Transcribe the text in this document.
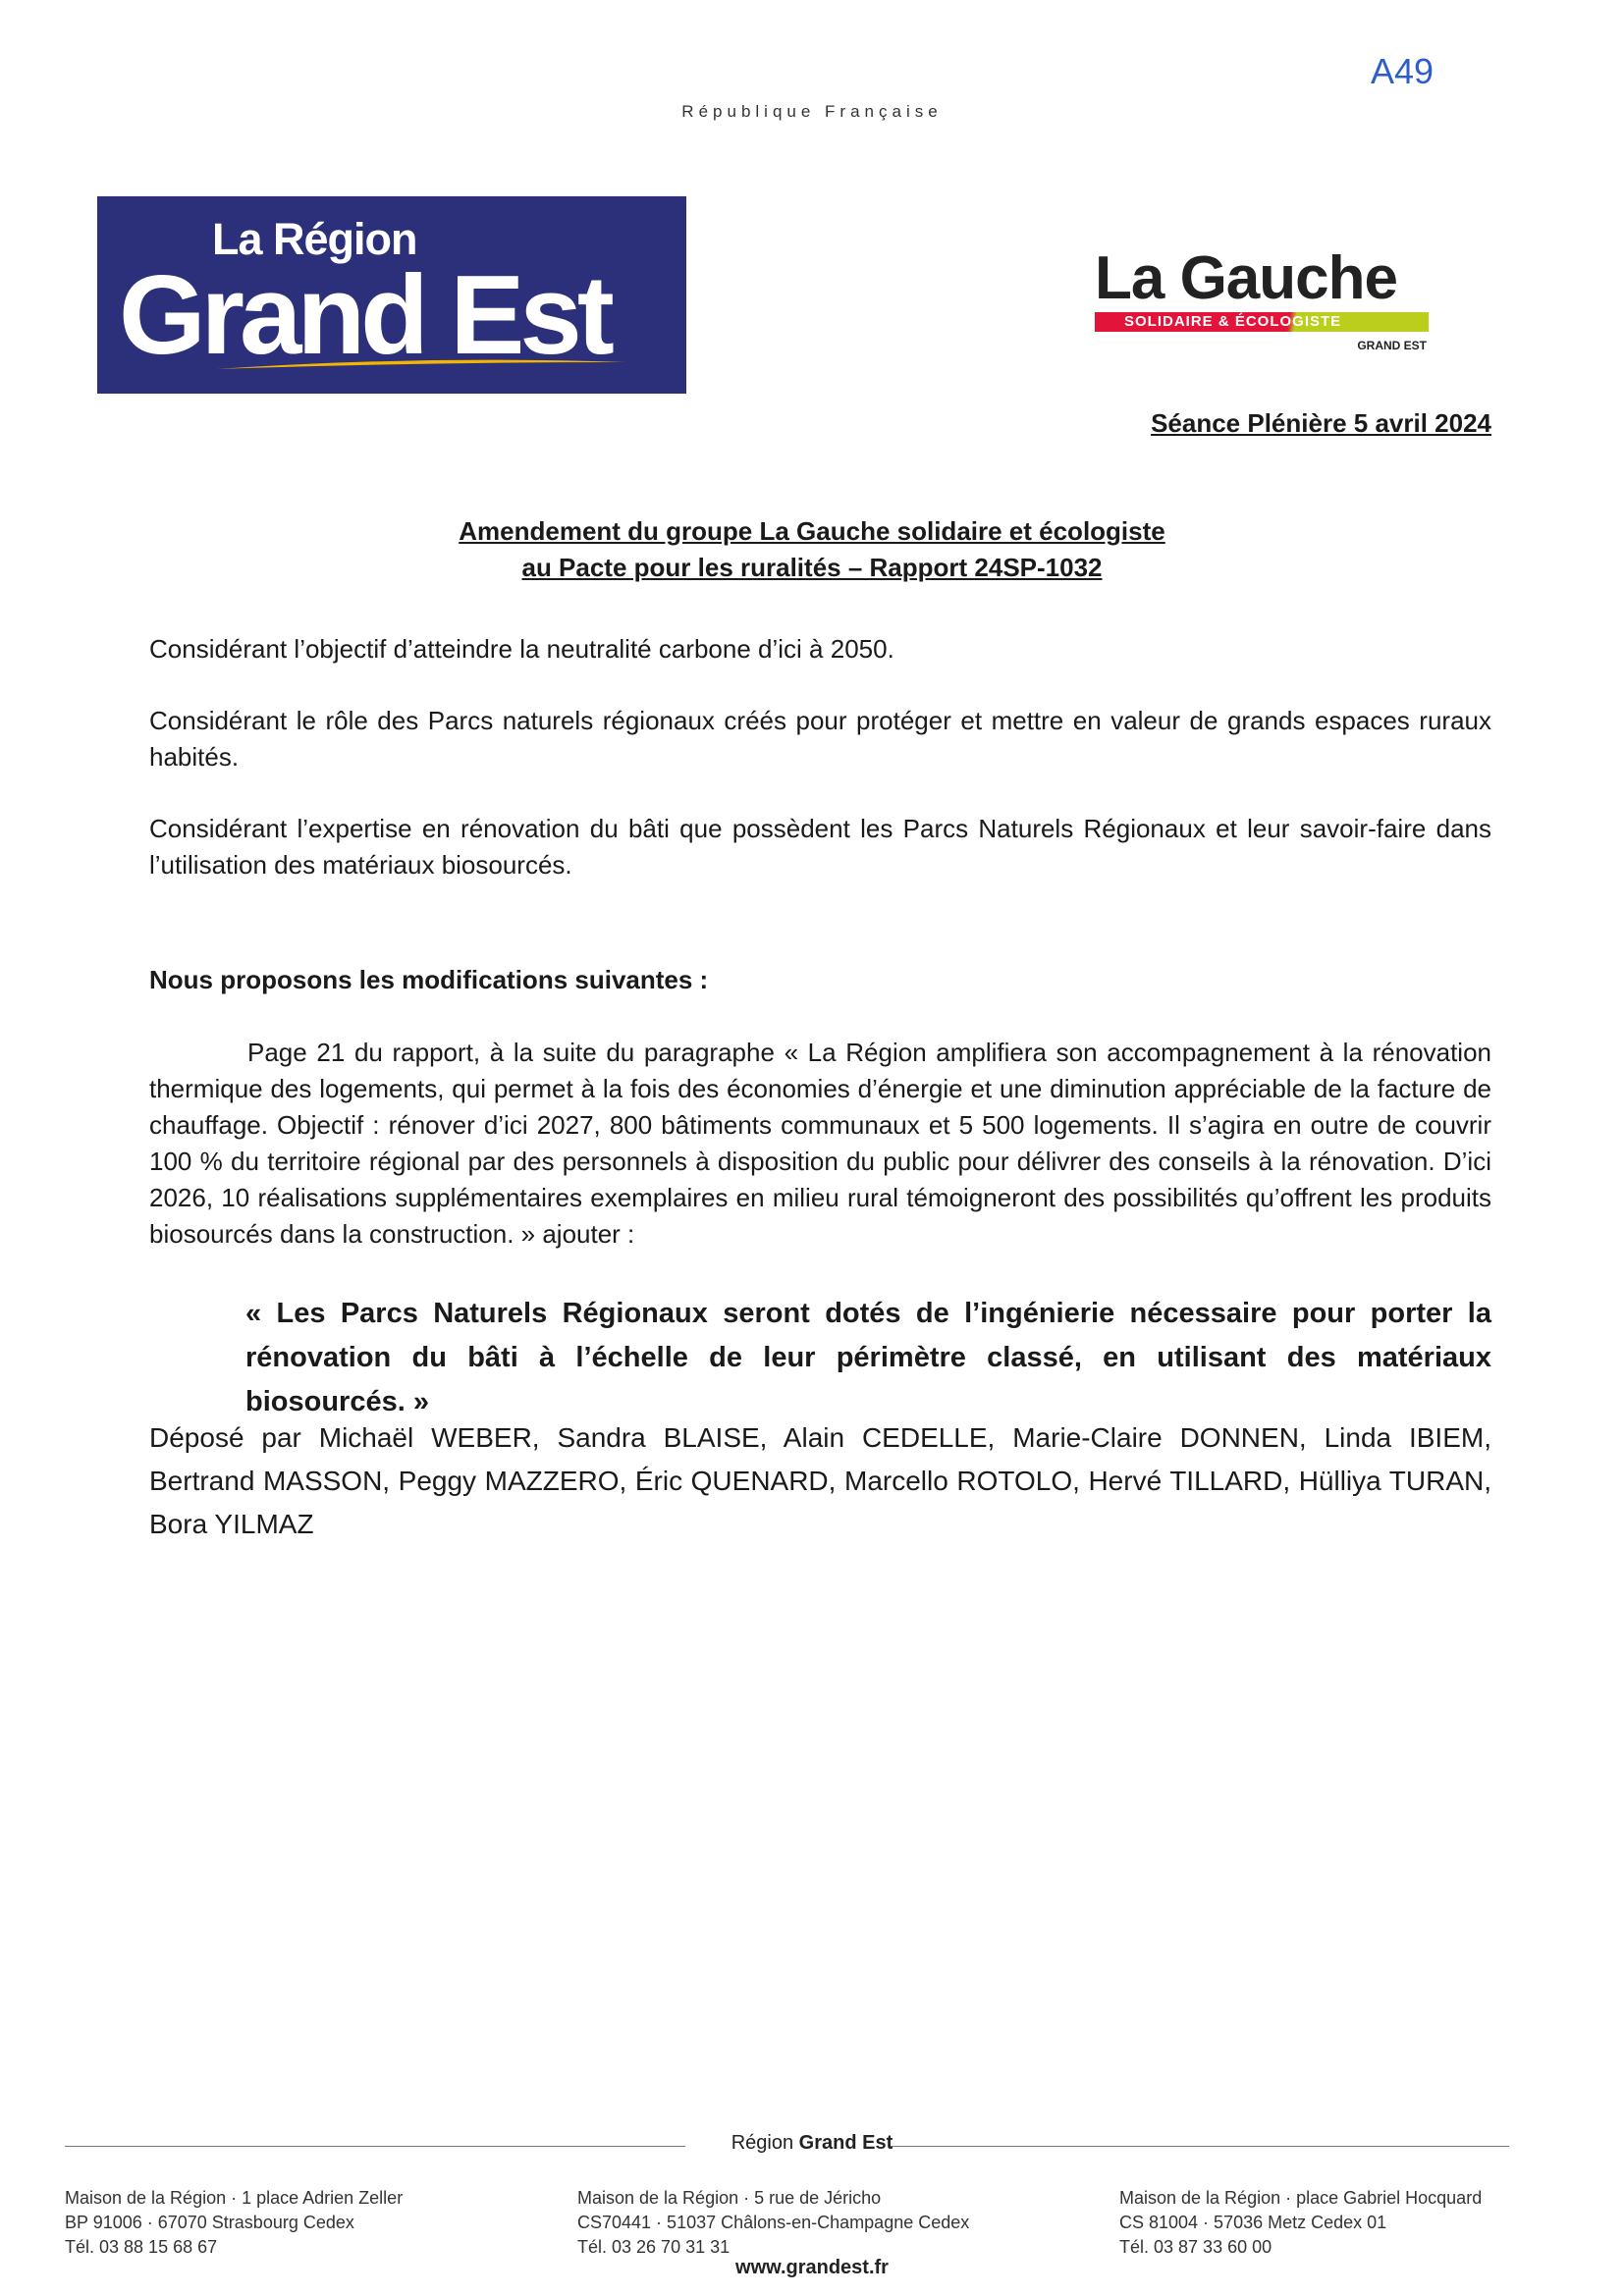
A49
République Française
La Région
Grand Est	La Gauche
SOLIDAIRE & ÉCOLOGISTE
GRAND EST
Séance Plénière 5 avril 2024
Amendement du groupe La Gauche solidaire et écologiste
au Pacte pour les ruralités – Rapport 24SP-1032
Considérant l’objectif d’atteindre la neutralité carbone d’ici à 2050.
Considérant le rôle des Parcs naturels régionaux créés pour protéger et mettre en valeur de grands espaces ruraux habités.
Considérant l’expertise en rénovation du bâti que possèdent les Parcs Naturels Régionaux et leur savoir-faire dans l’utilisation des matériaux biosourcés.
Nous proposons les modifications suivantes :
Page 21 du rapport, à la suite du paragraphe « La Région amplifiera son accompagnement à la rénovation thermique des logements, qui permet à la fois des économies d’énergie et une diminution appréciable de la facture de chauffage. Objectif : rénover d’ici 2027, 800 bâtiments communaux et 5 500 logements. Il s’agira en outre de couvrir 100 % du territoire régional par des personnels à disposition du public pour délivrer des conseils à la rénovation. D’ici 2026, 10 réalisations supplémentaires exemplaires en milieu rural témoigneront des possibilités qu’offrent les produits biosourcés dans la construction. » ajouter :
« Les Parcs Naturels Régionaux seront dotés de l’ingénierie nécessaire pour porter la rénovation du bâti à l’échelle de leur périmètre classé, en utilisant des matériaux biosourcés. »
Déposé par Michaël WEBER, Sandra BLAISE, Alain CEDELLE, Marie-Claire DONNEN, Linda IBIEM, Bertrand MASSON, Peggy MAZZERO, Éric QUENARD, Marcello ROTOLO, Hervé TILLARD, Hülliya TURAN, Bora YILMAZ
Région Grand Est
Maison de la Région · 1 place Adrien Zeller
BP 91006 · 67070 Strasbourg Cedex
Tél. 03 88 15 68 67
Maison de la Région · 5 rue de Jéricho
CS70441 · 51037 Châlons-en-Champagne Cedex
Tél. 03 26 70 31 31
Maison de la Région · place Gabriel Hocquard
CS 81004 · 57036 Metz Cedex 01
Tél. 03 87 33 60 00
www.grandest.fr
